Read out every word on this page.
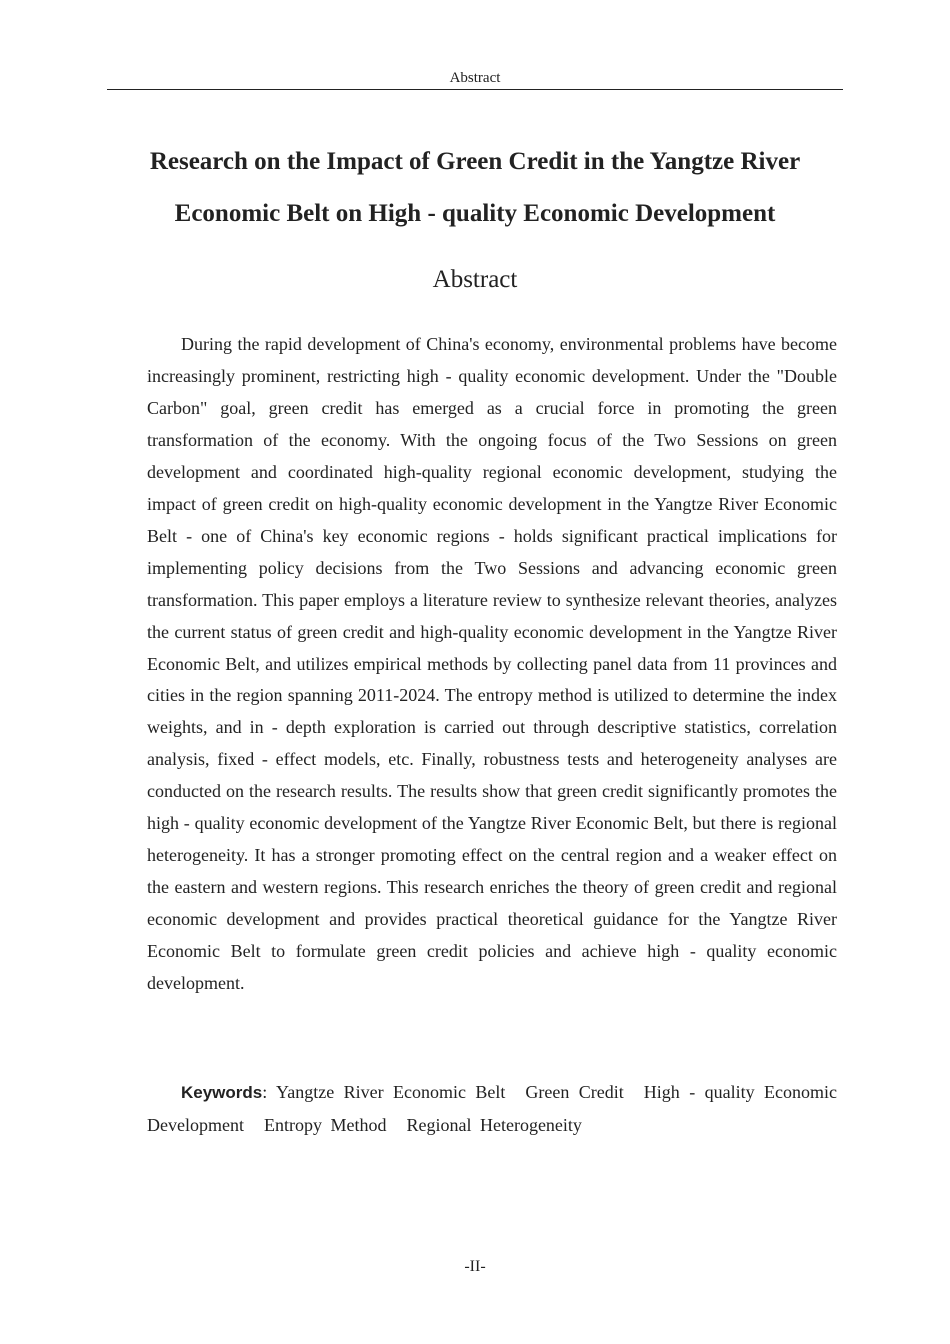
Abstract
Research on the Impact of Green Credit in the Yangtze River
Economic Belt on High - quality Economic Development
Abstract

During the rapid development of China's economy, environmental problems have become increasingly prominent, restricting high - quality economic development. Under the "Double Carbon" goal, green credit has emerged as a crucial force in promoting the green transformation of the economy. With the ongoing focus of the Two Sessions on green development and coordinated high-quality regional economic development, studying the impact of green credit on high-quality economic development in the Yangtze River Economic Belt - one of China's key economic regions - holds significant practical implications for implementing policy decisions from the Two Sessions and advancing economic green transformation. This paper employs a literature review to synthesize relevant theories, analyzes the current status of green credit and high-quality economic development in the Yangtze River Economic Belt, and utilizes empirical methods by collecting panel data from 11 provinces and cities in the region spanning 2011-2024. The entropy method is utilized to determine the index weights, and in - depth exploration is carried out through descriptive statistics, correlation analysis, fixed - effect models, etc. Finally, robustness tests and heterogeneity analyses are conducted on the research results. The results show that green credit significantly promotes the high - quality economic development of the Yangtze River Economic Belt, but there is regional heterogeneity. It has a stronger promoting effect on the central region and a weaker effect on the eastern and western regions. This research enriches the theory of green credit and regional economic development and provides practical theoretical guidance for the Yangtze River Economic Belt to formulate green credit policies and achieve high - quality economic development.

Keywords: Yangtze River Economic Belt Green Credit High - quality Economic Development Entropy Method Regional Heterogeneity

-II-
